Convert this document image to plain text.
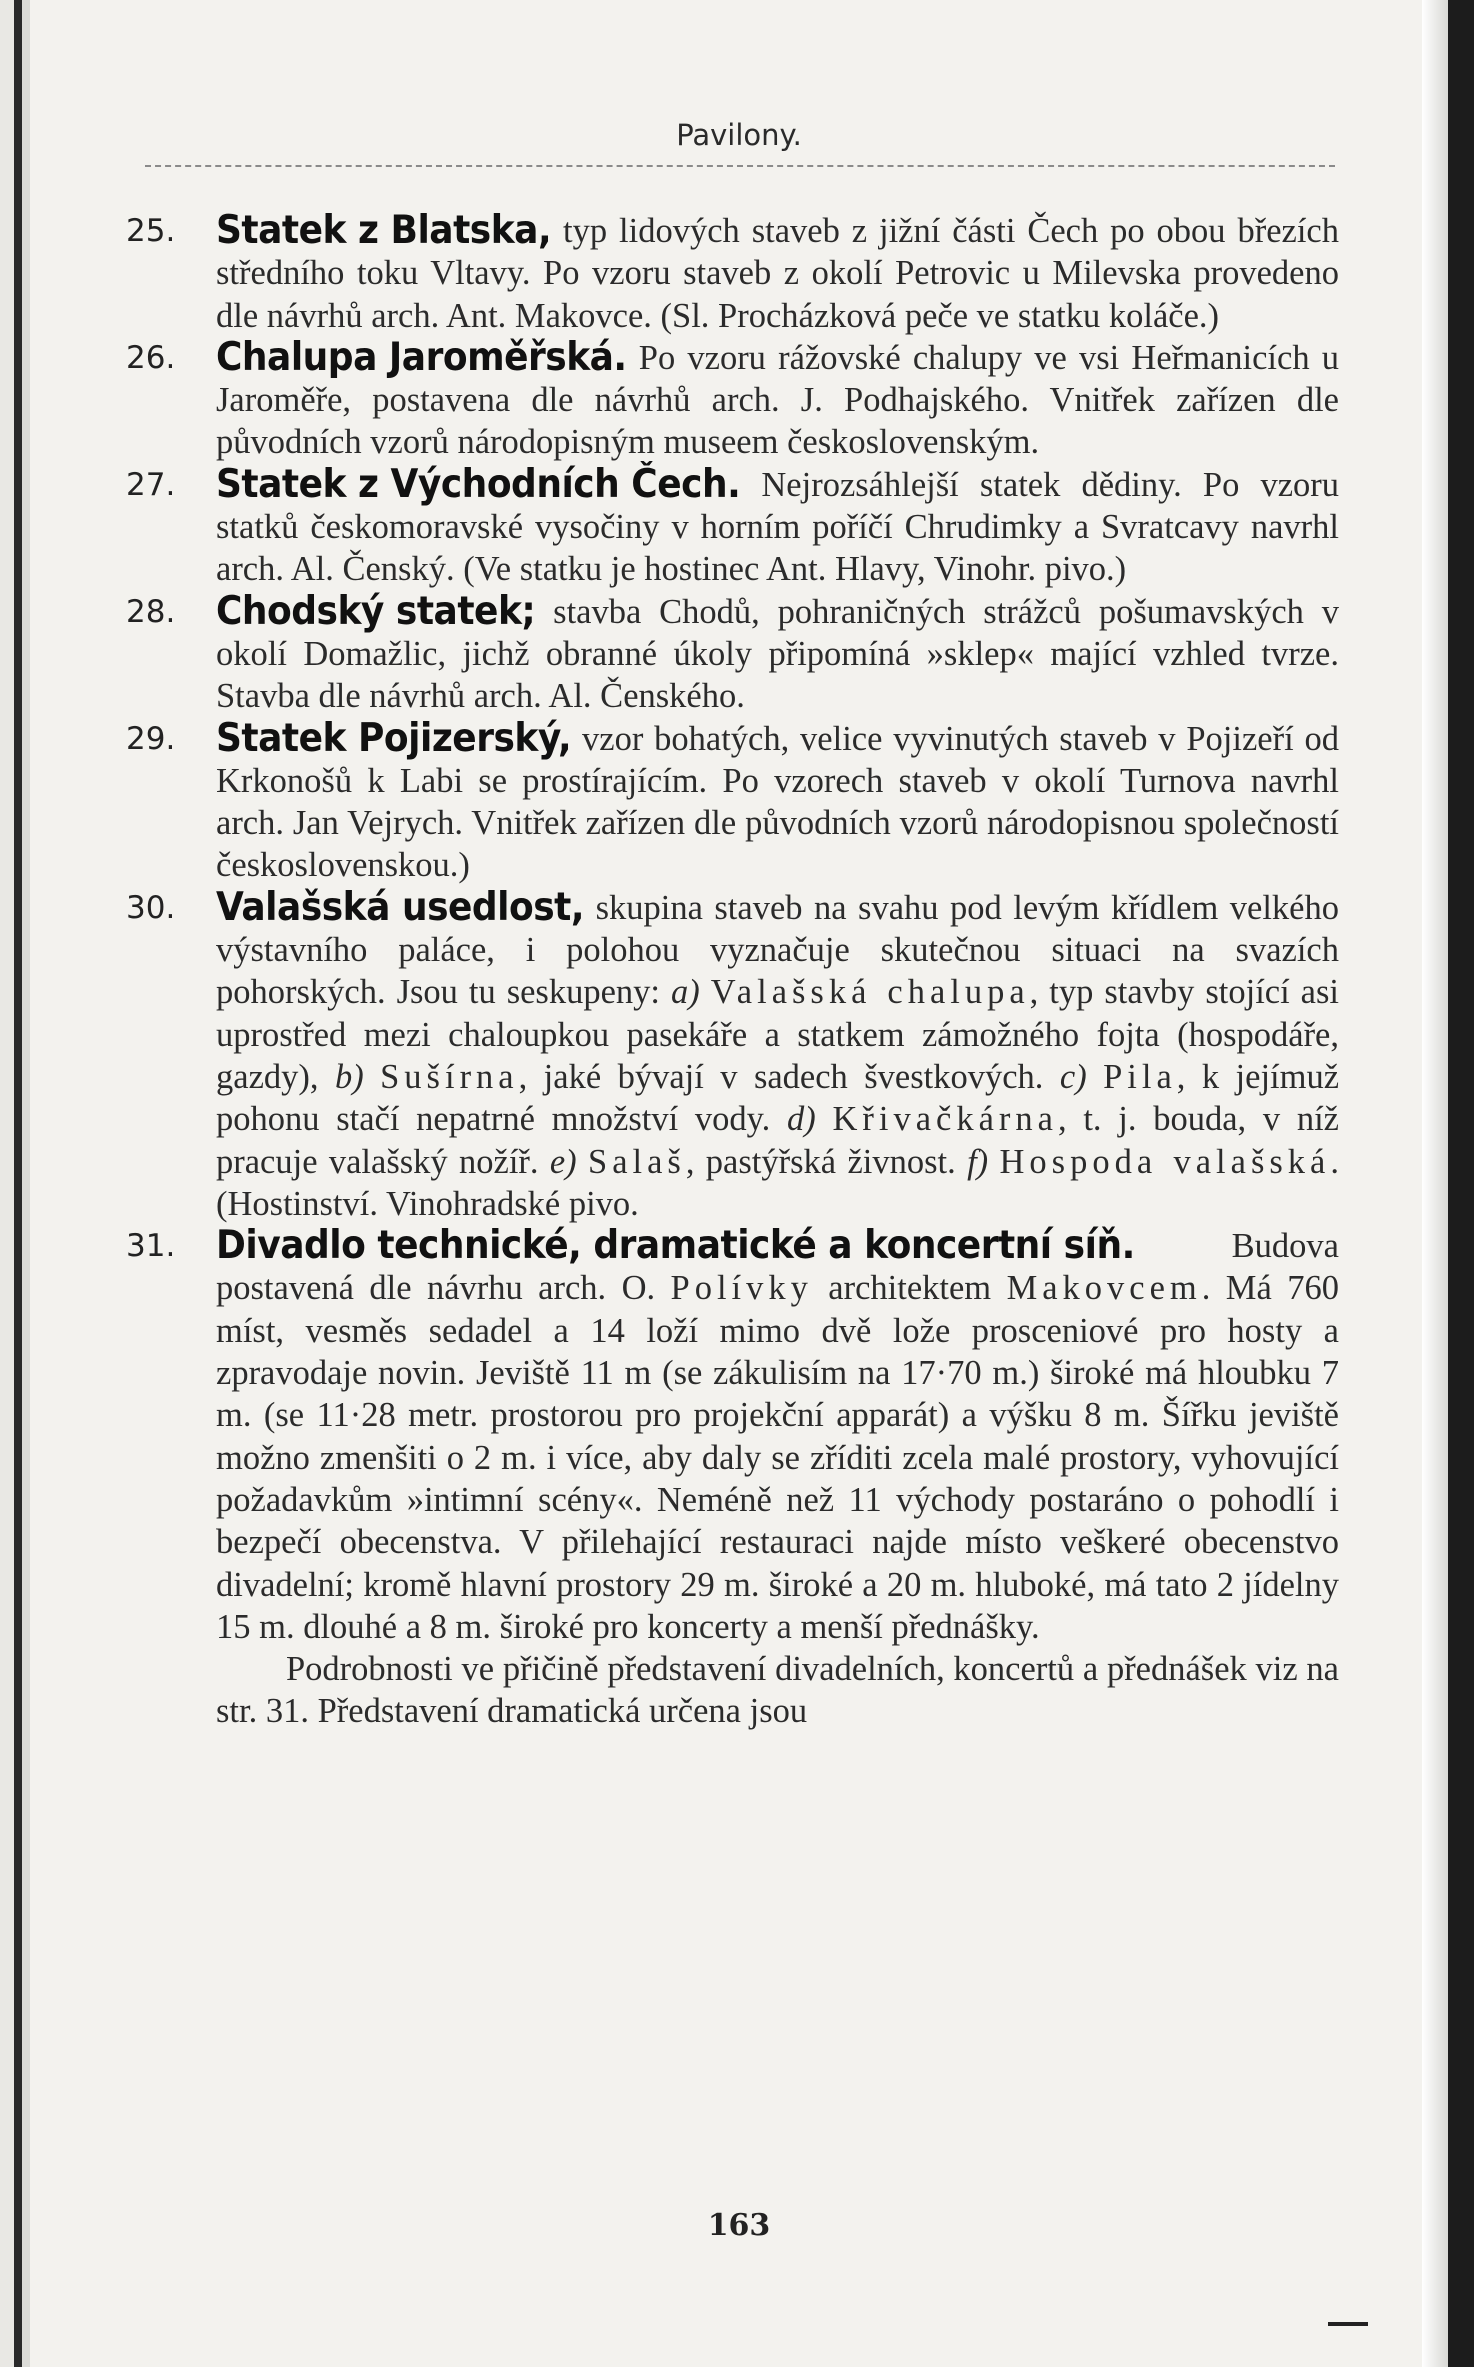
Pavilony.
25.	Statek z Blatska, typ lidových staveb z jižní části Čech po obou březích středního toku Vltavy. Po vzoru staveb z okolí Petrovic u Milevska provedeno dle návrhů arch. Ant. Makovce. (Sl. Procházková peče ve statku koláče.)
26.	Chalupa Jaroměřská. Po vzoru rážovské chalupy ve vsi Heřmanicích u Jaroměře, postavena dle návrhů arch. J. Podhajského. Vnitřek zařízen dle původních vzorů národopisným museem československým.
27.	Statek z Východních Čech. Nejrozsáhlejší statek dědiny. Po vzoru statků českomoravské vysočiny v horním poříčí Chrudimky a Svratcavy navrhl arch. Al. Čenský. (Ve statku je hostinec Ant. Hlavy, Vinohr. pivo.)
28.	Chodský statek; stavba Chodů, pohraničných strážců pošumavských v okolí Domažlic, jichž obranné úkoly připomíná »sklep« mající vzhled tvrze. Stavba dle návrhů arch. Al. Čenského.
29.	Statek Pojizerský, vzor bohatých, velice vyvinutých staveb v Pojizeří od Krkonošů k Labi se prostírajícím. Po vzorech staveb v okolí Turnova navrhl arch. Jan Vejrych. Vnitřek zařízen dle původních vzorů národopisnou společností československou.)
30.	Valašská usedlost, skupina staveb na svahu pod levým křídlem velkého výstavního paláce, i polohou vyznačuje skutečnou situaci na svazích pohorských. Jsou tu seskupeny: a) Valašská chalupa, typ stavby stojící asi uprostřed mezi chaloupkou pasekáře a statkem zámožného fojta (hospodáře, gazdy), b) Sušírna, jaké bývají v sadech švestkových. c) Pila, k jejímuž pohonu stačí nepatrné množství vody. d) Křivačkárna, t. j. bouda, v níž pracuje valašský nožíř. e) Salaš, pastýřská živnost. f) Hospoda valašská. (Hostinství. Vinohradské pivo.
31.	Divadlo technické, dramatické a koncertní síň. Budova postavená dle návrhu arch. O. Polívky architektem Makovcem. Má 760 míst, vesměs sedadel a 14 loží mimo dvě lože prosceniové pro hosty a zpravodaje novin. Jeviště 11 m (se zákulisím na 17·70 m.) široké má hloubku 7 m. (se 11·28 metr. prostorou pro projekční apparát) a výšku 8 m. Šířku jeviště možno zmenšiti o 2 m. i více, aby daly se zříditi zcela malé prostory, vyhovující požadavkům »intimní scény«. Neméně než 11 východy postaráno o pohodlí i bezpečí obecenstva. V přilehající restauraci najde místo veškeré obecenstvo divadelní; kromě hlavní prostory 29 m. široké a 20 m. hluboké, má tato 2 jídelny 15 m. dlouhé a 8 m. široké pro koncerty a menší přednášky.
Podrobnosti ve přičině představení divadelních, koncertů a přednášek viz na str. 31. Představení dramatická určena jsou
163
